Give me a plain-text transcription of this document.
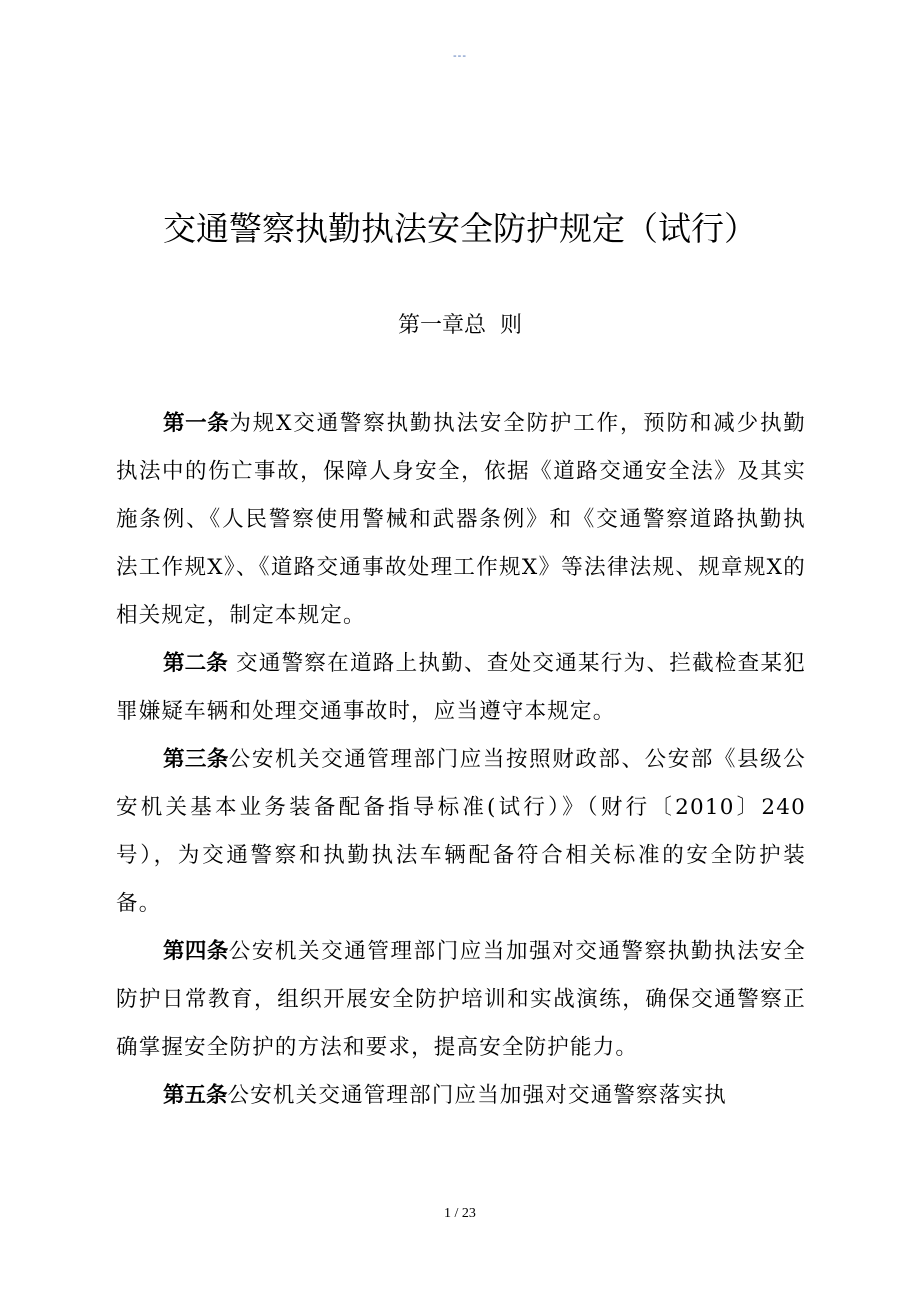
---
交通警察执勤执法安全防护规定（试行）
第一章总  则

第一条为规X交通警察执勤执法安全防护工作，预防和减少执勤执法中的伤亡事故，保障人身安全，依据《道路交通安全法》及其实施条例、《人民警察使用警械和武器条例》和《交通警察道路执勤执法工作规X》、《道路交通事故处理工作规X》等法律法规、规章规X的相关规定，制定本规定。

第二条 交通警察在道路上执勤、查处交通某行为、拦截检查某犯罪嫌疑车辆和处理交通事故时，应当遵守本规定。

第三条公安机关交通管理部门应当按照财政部、公安部《县级公安机关基本业务装备配备指导标准(试行）》（财行〔2010〕240号），为交通警察和执勤执法车辆配备符合相关标准的安全防护装备。

第四条公安机关交通管理部门应当加强对交通警察执勤执法安全防护日常教育，组织开展安全防护培训和实战演练，确保交通警察正确掌握安全防护的方法和要求，提高安全防护能力。

第五条公安机关交通管理部门应当加强对交通警察落实执

1 / 23
